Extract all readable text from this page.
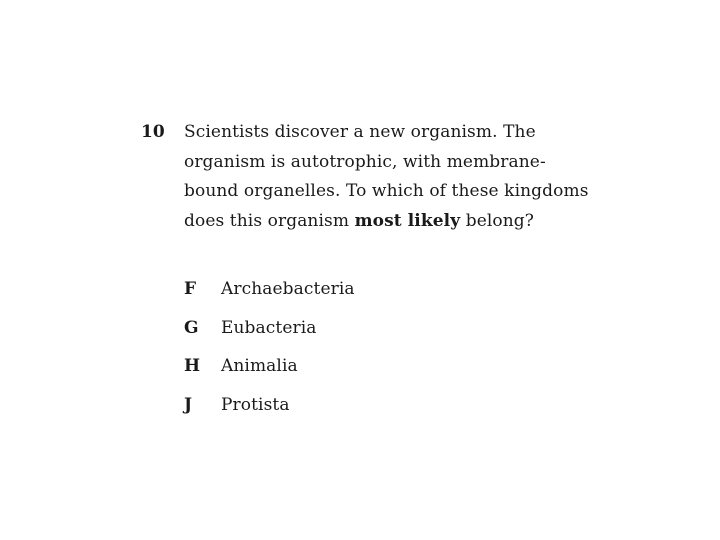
10 Scientists discover a new organism. The organism is autotrophic, with membrane-bound organelles. To which of these kingdoms does this organism most likely belong?
F	Archaebacteria
G	Eubacteria
H	Animalia
J	Protista
